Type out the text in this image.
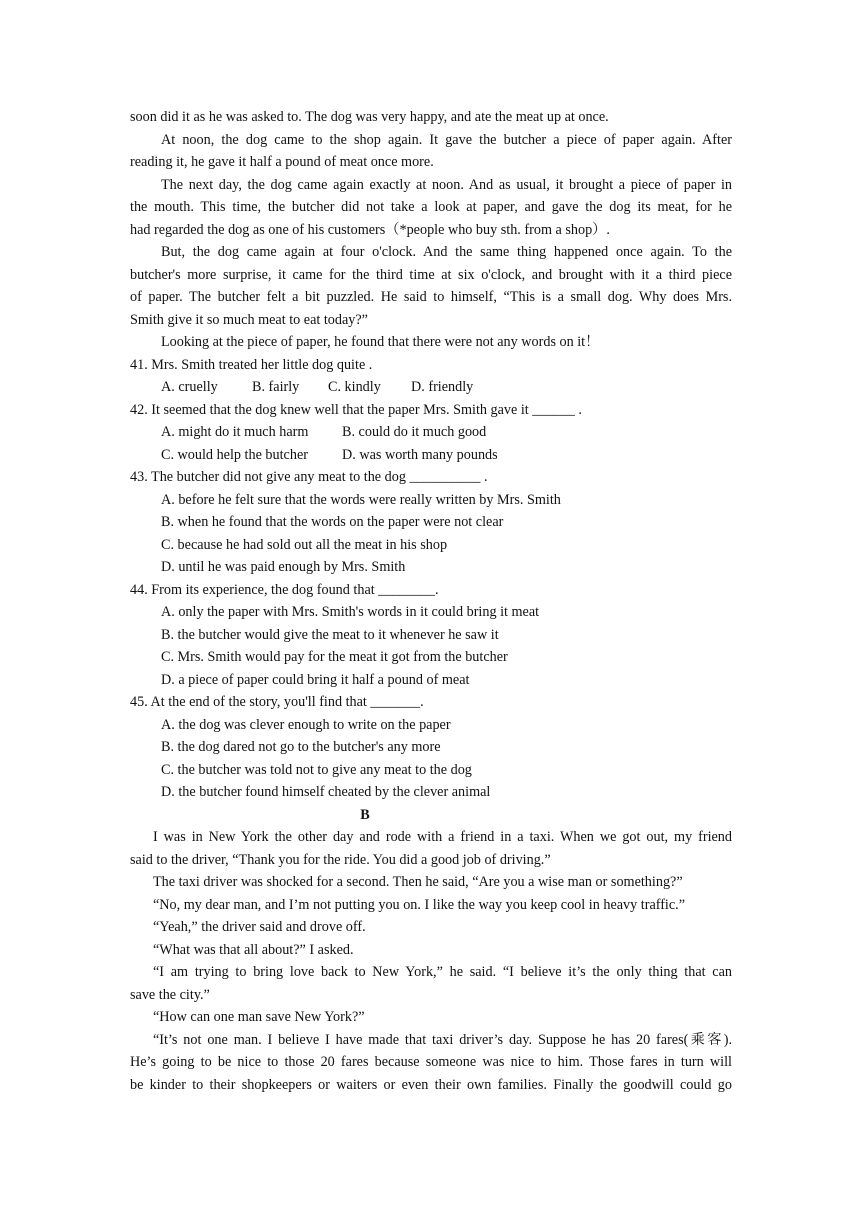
soon did it as he was asked to. The dog was very happy, and ate the meat up at once.
At noon, the dog came to the shop again. It gave the butcher a piece of paper again. After
reading it, he gave it half a pound of meat once more.
The next day, the dog came again exactly at noon. And as usual, it brought a piece of paper in
the mouth. This time, the butcher did not take a look at paper, and gave the dog its meat, for he
had regarded the dog as one of his customers（*people who buy sth. from a shop）.
But, the dog came again at four o'clock. And the same thing happened once again. To the
butcher's more surprise, it came for the third time at six o'clock, and brought with it a third piece
of paper. The butcher felt a bit puzzled. He said to himself, “This is a small dog. Why does Mrs.
Smith give it so much meat to eat today?”
Looking at the piece of paper, he found that there were not any words on it！
41. Mrs. Smith treated her little dog quite .
A. cruelly B. fairly C. kindly D. friendly
42. It seemed that the dog knew well that the paper Mrs. Smith gave it ______ .
A. might do it much harm B. could do it much good
C. would help the butcher D. was worth many pounds
43. The butcher did not give any meat to the dog __________ .
A. before he felt sure that the words were really written by Mrs. Smith
B. when he found that the words on the paper were not clear
C. because he had sold out all the meat in his shop
D. until he was paid enough by Mrs. Smith
44. From its experience, the dog found that ________.
A. only the paper with Mrs. Smith's words in it could bring it meat
B. the butcher would give the meat to it whenever he saw it
C. Mrs. Smith would pay for the meat it got from the butcher
D. a piece of paper could bring it half a pound of meat
45. At the end of the story, you'll find that _______.
A. the dog was clever enough to write on the paper
B. the dog dared not go to the butcher's any more
C. the butcher was told not to give any meat to the dog
D. the butcher found himself cheated by the clever animal
B
I was in New York the other day and rode with a friend in a taxi. When we got out, my friend
said to the driver, “Thank you for the ride. You did a good job of driving.”
The taxi driver was shocked for a second. Then he said, “Are you a wise man or something?”
“No, my dear man, and I’m not putting you on. I like the way you keep cool in heavy traffic.”
“Yeah,” the driver said and drove off.
“What was that all about?” I asked.
“I am trying to bring love back to New York,” he said. “I believe it’s the only thing that can
save the city.”
“How can one man save New York?”
“It’s not one man. I believe I have made that taxi driver’s day. Suppose he has 20 fares(乘客).
He’s going to be nice to those 20 fares because someone was nice to him. Those fares in turn will
be kinder to their shopkeepers or waiters or even their own families. Finally the goodwill could go
